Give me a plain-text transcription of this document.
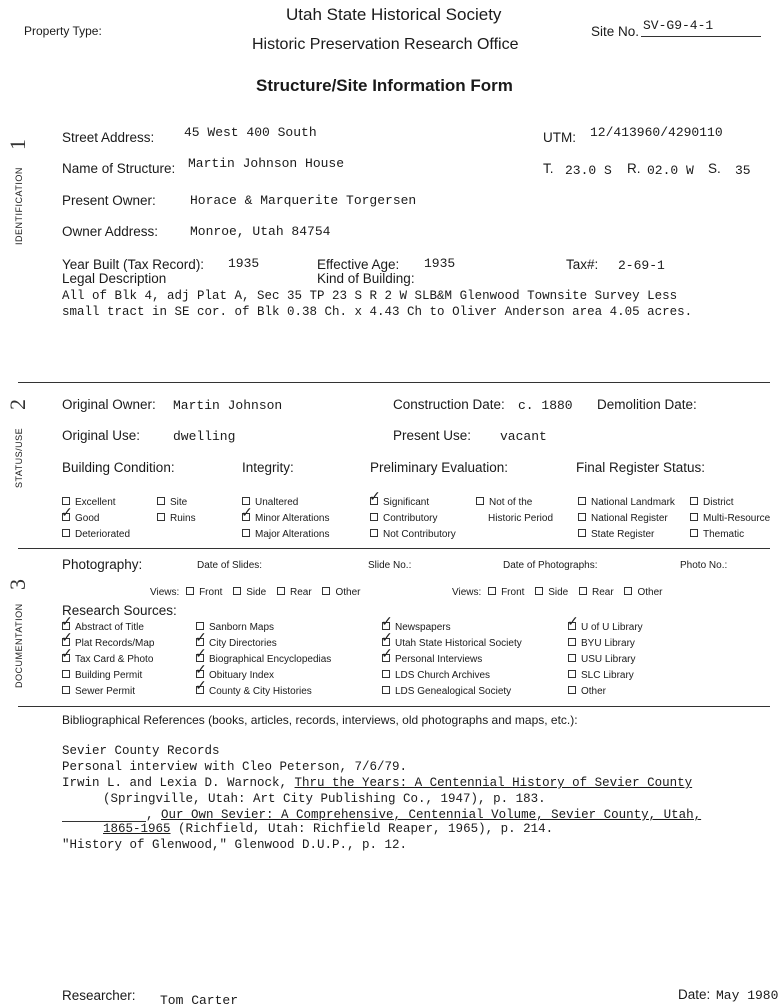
Utah State Historical Society
Property Type:
Historic Preservation Research Office
Site No. SV-G9-4-1
Structure/Site Information Form
1
IDENTIFICATION
Street Address: 45 West 400 South	UTM: 12/413960/4290110
Name of Structure: Martin Johnson House	T. 23.0 S R. 02.0 W S. 35
Present Owner:	Horace & Marquerite Torgersen
Owner Address: Monroe, Utah 84754
Year Built (Tax Record): 1935	Effective Age: 1935	Tax#: 2-69-1
Legal Description	Kind of Building:
All of Blk 4, adj Plat A, Sec 35 TP 23 S R 2 W SLB&M Glenwood Townsite Survey Less
small tract in SE cor. of Blk 0.38 Ch. x 4.43 Ch to Oliver Anderson area 4.05 acres.
2
STATUS/USE
Original Owner: Martin Johnson	Construction Date: c. 1880 Demolition Date:
Original Use:	dwelling	Present Use: vacant
Building Condition:	Integrity:	Preliminary Evaluation:	Final Register Status:
Excellent
✓Good
Deteriorated
Site
Ruins
Unaltered
✓Minor Alterations
Major Alterations
✓Significant
Contributory
Not Contributory
Not of the
Historic Period
National Landmark
National Register
State Register
District
Multi-Resource
Thematic
3
DOCUMENTATION
Photography:	Date of Slides:	Slide No.:	Date of Photographs:	Photo No.:
Views: Front Side Rear Other	Views: Front Side Rear Other
Research Sources:
✓Abstract of Title
✓Plat Records/Map
✓Tax Card & Photo
Building Permit
Sewer Permit
Sanborn Maps
✓City Directories
✓Biographical Encyclopedias
✓Obituary Index
✓County & City Histories
✓Newspapers
✓Utah State Historical Society
✓Personal Interviews
LDS Church Archives
LDS Genealogical Society
✓U of U Library
BYU Library
USU Library
SLC Library
Other
Bibliographical References (books, articles, records, interviews, old photographs and maps, etc.):
Sevier County Records
Personal interview with Cleo Peterson, 7/6/79.
Irwin L. and Lexia D. Warnock, Thru the Years: A Centennial History of Sevier County
(Springville, Utah: Art City Publishing Co., 1947), p. 183.
, Our Own Sevier: A Comprehensive, Centennial Volume, Sevier County, Utah,
1865-1965 (Richfield, Utah: Richfield Reaper, 1965), p. 214.
"History of Glenwood," Glenwood D.U.P., p. 12.
Researcher: Tom Carter	Date: May 1980
